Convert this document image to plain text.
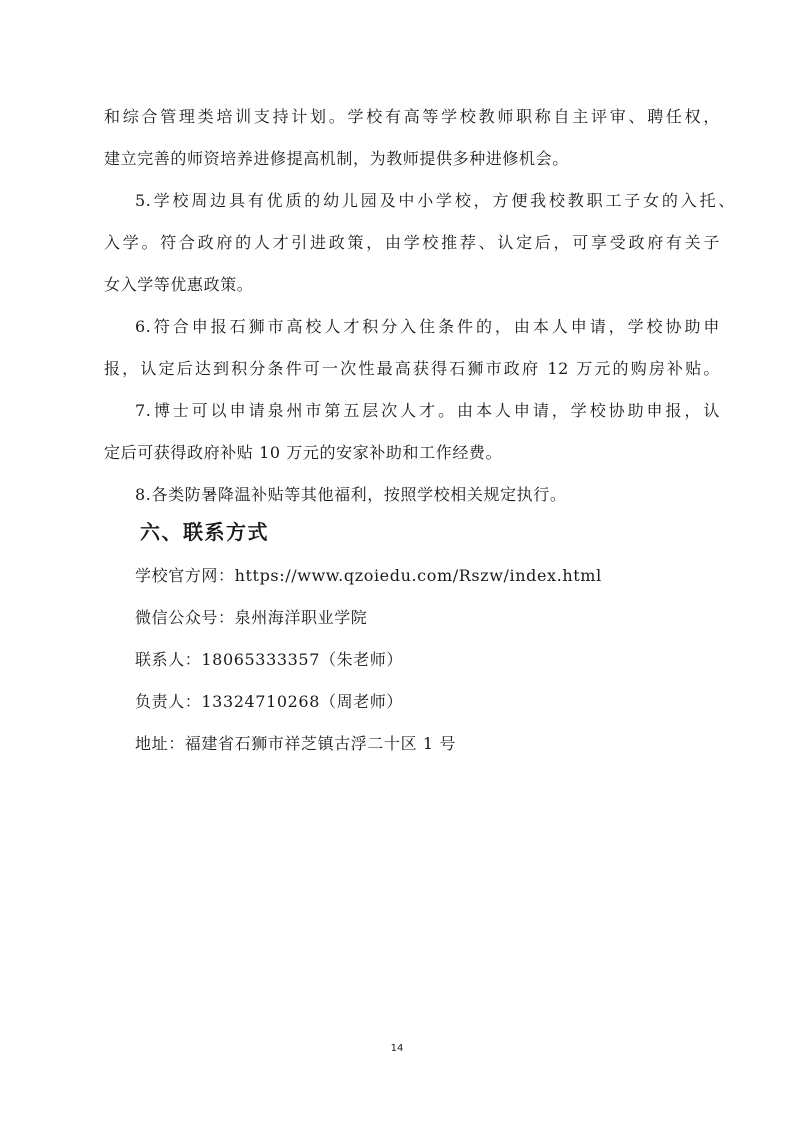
和综合管理类培训支持计划。学校有高等学校教师职称自主评审、聘任权，
建立完善的师资培养进修提高机制，为教师提供多种进修机会。
5.学校周边具有优质的幼儿园及中小学校，方便我校教职工子女的入托、
入学。符合政府的人才引进政策，由学校推荐、认定后，可享受政府有关子
女入学等优惠政策。
6.符合申报石狮市高校人才积分入住条件的，由本人申请，学校协助申
报，认定后达到积分条件可一次性最高获得石狮市政府 12 万元的购房补贴。
7.博士可以申请泉州市第五层次人才。由本人申请，学校协助申报，认
定后可获得政府补贴 10 万元的安家补助和工作经费。
8.各类防暑降温补贴等其他福利，按照学校相关规定执行。
六、联系方式
学校官方网：https://www.qzoiedu.com/Rszw/index.html
微信公众号：泉州海洋职业学院
联系人：18065333357（朱老师）
负责人：13324710268（周老师）
地址：福建省石狮市祥芝镇古浮二十区 1 号
14
